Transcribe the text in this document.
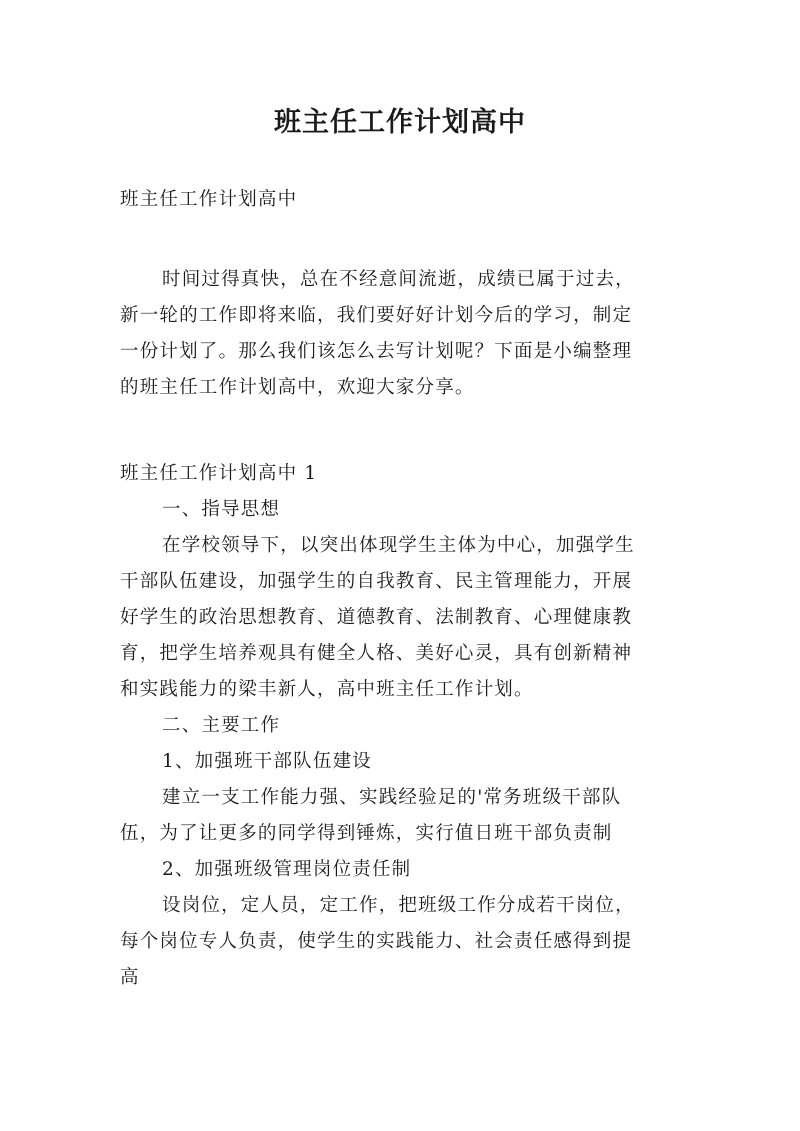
班主任工作计划高中
班主任工作计划高中
时间过得真快，总在不经意间流逝，成绩已属于过去，
新一轮的工作即将来临，我们要好好计划今后的学习，制定
一份计划了。那么我们该怎么去写计划呢？下面是小编整理
的班主任工作计划高中，欢迎大家分享。
班主任工作计划高中 1
一、指导思想
在学校领导下，以突出体现学生主体为中心，加强学生
干部队伍建设，加强学生的自我教育、民主管理能力，开展
好学生的政治思想教育、道德教育、法制教育、心理健康教
育，把学生培养观具有健全人格、美好心灵，具有创新精神
和实践能力的梁丰新人，高中班主任工作计划。
二、主要工作
1、加强班干部队伍建设
建立一支工作能力强、实践经验足的'常务班级干部队
伍，为了让更多的同学得到锤炼，实行值日班干部负责制
2、加强班级管理岗位责任制
设岗位，定人员，定工作，把班级工作分成若干岗位，
每个岗位专人负责，使学生的实践能力、社会责任感得到提
高
